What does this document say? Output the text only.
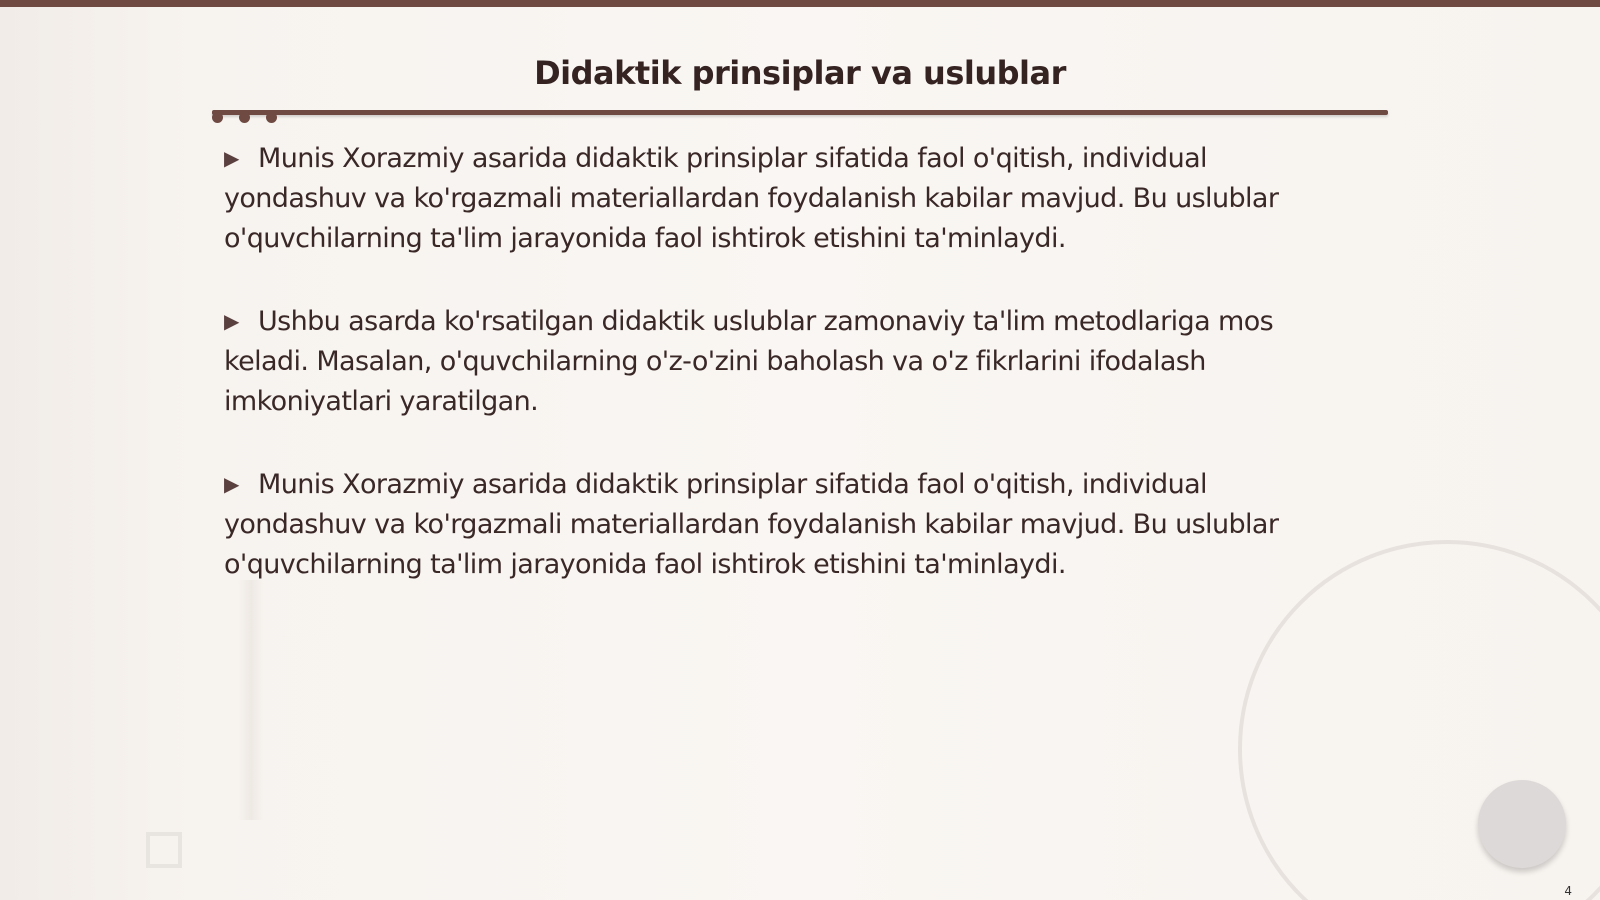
Didaktik prinsiplar va uslublar

▶ Munis Xorazmiy asarida didaktik prinsiplar sifatida faol o'qitish, individual yondashuv va ko'rgazmali materiallardan foydalanish kabilar mavjud. Bu uslublar o'quvchilarning ta'lim jarayonida faol ishtirok etishini ta'minlaydi.

▶ Ushbu asarda ko'rsatilgan didaktik uslublar zamonaviy ta'lim metodlariga mos keladi. Masalan, o'quvchilarning o'z-o'zini baholash va o'z fikrlarini ifodalash imkoniyatlari yaratilgan.

▶ Munis Xorazmiy asarida didaktik prinsiplar sifatida faol o'qitish, individual yondashuv va ko'rgazmali materiallardan foydalanish kabilar mavjud. Bu uslublar o'quvchilarning ta'lim jarayonida faol ishtirok etishini ta'minlaydi.

4
